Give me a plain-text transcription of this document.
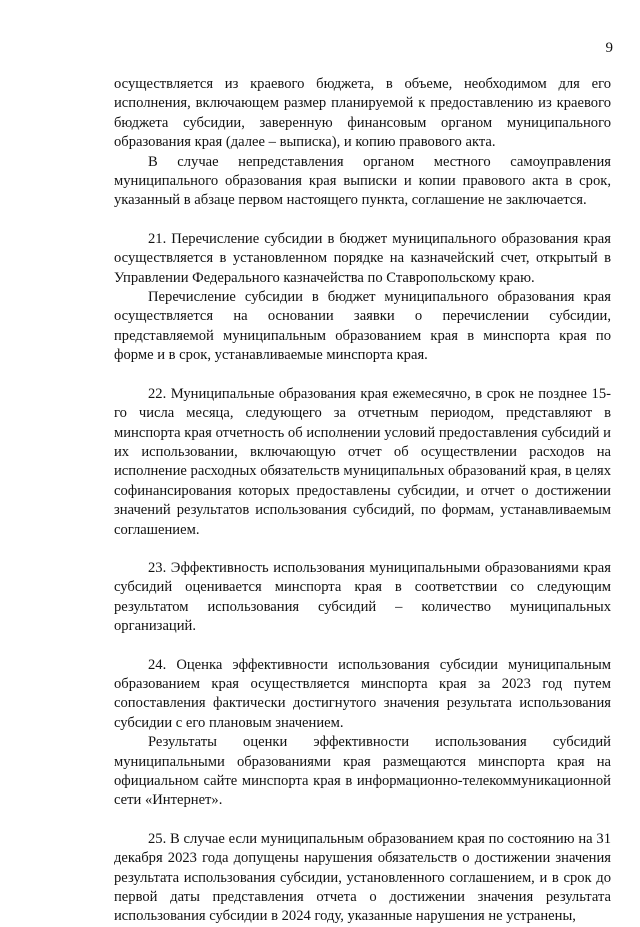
9

осуществляется из краевого бюджета, в объеме, необходимом для его исполнения, включающем размер планируемой к предоставлению из краевого бюджета субсидии, заверенную финансовым органом муниципального образования края (далее – выписка), и копию правового акта.

В случае непредставления органом местного самоуправления муниципального образования края выписки и копии правового акта в срок, указанный в абзаце первом настоящего пункта, соглашение не заключается.

21. Перечисление субсидии в бюджет муниципального образования края осуществляется в установленном порядке на казначейский счет, открытый в Управлении Федерального казначейства по Ставропольскому краю.

Перечисление субсидии в бюджет муниципального образования края осуществляется на основании заявки о перечислении субсидии, представляемой муниципальным образованием края в минспорта края по форме и в срок, устанавливаемые минспорта края.

22. Муниципальные образования края ежемесячно, в срок не позднее 15-го числа месяца, следующего за отчетным периодом, представляют в минспорта края отчетность об исполнении условий предоставления субсидий и их использовании, включающую отчет об осуществлении расходов на исполнение расходных обязательств муниципальных образований края, в целях софинансирования которых предоставлены субсидии, и отчет о достижении значений результатов использования субсидий, по формам, устанавливаемым соглашением.

23. Эффективность использования муниципальными образованиями края субсидий оценивается минспорта края в соответствии со следующим результатом использования субсидий – количество муниципальных организаций.

24. Оценка эффективности использования субсидии муниципальным образованием края осуществляется минспорта края за 2023 год путем сопоставления фактически достигнутого значения результата использования субсидии с его плановым значением.

Результаты оценки эффективности использования субсидий муниципальными образованиями края размещаются минспорта края на официальном сайте минспорта края в информационно-телекоммуникационной сети «Интернет».

25. В случае если муниципальным образованием края по состоянию на 31 декабря 2023 года допущены нарушения обязательств о достижении значения результата использования субсидии, установленного соглашением, и в срок до первой даты представления отчета о достижении значения результата использования субсидии в 2024 году, указанные нарушения не устранены,
